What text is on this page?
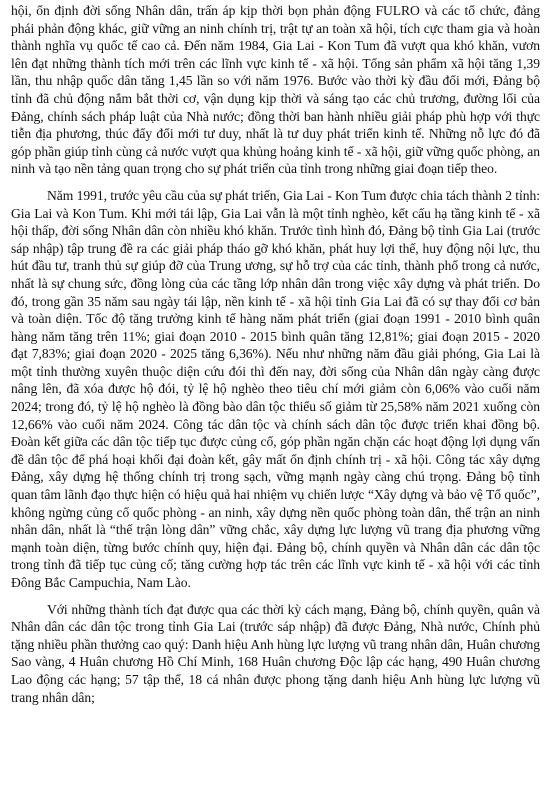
hội, ổn định đời sống Nhân dân, trấn áp kịp thời bọn phản động FULRO và các tổ chức, đảng phái phản động khác, giữ vững an ninh chính trị, trật tự an toàn xã hội, tích cực tham gia và hoàn thành nghĩa vụ quốc tế cao cả. Đến năm 1984, Gia Lai - Kon Tum đã vượt qua khó khăn, vươn lên đạt những thành tích mới trên các lĩnh vực kinh tế - xã hội. Tổng sản phẩm xã hội tăng 1,39 lần, thu nhập quốc dân tăng 1,45 lần so với năm 1976. Bước vào thời kỳ đầu đổi mới, Đảng bộ tỉnh đã chủ động nắm bắt thời cơ, vận dụng kịp thời và sáng tạo các chủ trương, đường lối của Đảng, chính sách pháp luật của Nhà nước; đồng thời ban hành nhiều giải pháp phù hợp với thực tiễn địa phương, thúc đẩy đổi mới tư duy, nhất là tư duy phát triển kinh tế. Những nỗ lực đó đã góp phần giúp tỉnh cùng cả nước vượt qua khủng hoảng kinh tế - xã hội, giữ vững quốc phòng, an ninh và tạo nền tảng quan trọng cho sự phát triển của tỉnh trong những giai đoạn tiếp theo.

Năm 1991, trước yêu cầu của sự phát triển, Gia Lai - Kon Tum được chia tách thành 2 tỉnh: Gia Lai và Kon Tum. Khi mới tái lập, Gia Lai vẫn là một tỉnh nghèo, kết cấu hạ tầng kinh tế - xã hội thấp, đời sống Nhân dân còn nhiều khó khăn. Trước tình hình đó, Đảng bộ tỉnh Gia Lai (trước sáp nhập) tập trung đề ra các giải pháp tháo gỡ khó khăn, phát huy lợi thế, huy động nội lực, thu hút đầu tư, tranh thủ sự giúp đỡ của Trung ương, sự hỗ trợ của các tỉnh, thành phố trong cả nước, nhất là sự chung sức, đồng lòng của các tầng lớp nhân dân trong việc xây dựng và phát triển. Do đó, trong gần 35 năm sau ngày tái lập, nền kinh tế - xã hội tỉnh Gia Lai đã có sự thay đổi cơ bản và toàn diện. Tốc độ tăng trưởng kinh tế hàng năm phát triển (giai đoạn 1991 - 2010 bình quân hàng năm tăng trên 11%; giai đoạn 2010 - 2015 bình quân tăng 12,81%; giai đoạn 2015 - 2020 đạt 7,83%; giai đoạn 2020 - 2025 tăng 6,36%). Nếu như những năm đầu giải phóng, Gia Lai là một tỉnh thường xuyên thuộc diện cứu đói thì đến nay, đời sống của Nhân dân ngày càng được nâng lên, đã xóa được hộ đói, tỷ lệ hộ nghèo theo tiêu chí mới giảm còn 6,06% vào cuối năm 2024; trong đó, tỷ lệ hộ nghèo là đồng bào dân tộc thiểu số giảm từ 25,58% năm 2021 xuống còn 12,66% vào cuối năm 2024. Công tác dân tộc và chính sách dân tộc được triển khai đồng bộ. Đoàn kết giữa các dân tộc tiếp tục được củng cố, góp phần ngăn chặn các hoạt động lợi dụng vấn đề dân tộc để phá hoại khối đại đoàn kết, gây mất ổn định chính trị - xã hội. Công tác xây dựng Đảng, xây dựng hệ thống chính trị trong sạch, vững mạnh ngày càng chú trọng. Đảng bộ tỉnh quan tâm lãnh đạo thực hiện có hiệu quả hai nhiệm vụ chiến lược “Xây dựng và bảo vệ Tổ quốc”, không ngừng củng cố quốc phòng - an ninh, xây dựng nền quốc phòng toàn dân, thế trận an ninh nhân dân, nhất là “thế trận lòng dân” vững chắc, xây dựng lực lượng vũ trang địa phương vững mạnh toàn diện, từng bước chính quy, hiện đại. Đảng bộ, chính quyền và Nhân dân các dân tộc trong tỉnh đã tiếp tục củng cố; tăng cường hợp tác trên các lĩnh vực kinh tế - xã hội với các tỉnh Đông Bắc Campuchia, Nam Lào.

Với những thành tích đạt được qua các thời kỳ cách mạng, Đảng bộ, chính quyền, quân và Nhân dân các dân tộc trong tỉnh Gia Lai (trước sáp nhập) đã được Đảng, Nhà nước, Chính phủ tặng nhiều phần thưởng cao quý: Danh hiệu Anh hùng lực lượng vũ trang nhân dân, Huân chương Sao vàng, 4 Huân chương Hồ Chí Minh, 168 Huân chương Độc lập các hạng, 490 Huân chương Lao động các hạng; 57 tập thể, 18 cá nhân được phong tặng danh hiệu Anh hùng lực lượng vũ trang nhân dân;
